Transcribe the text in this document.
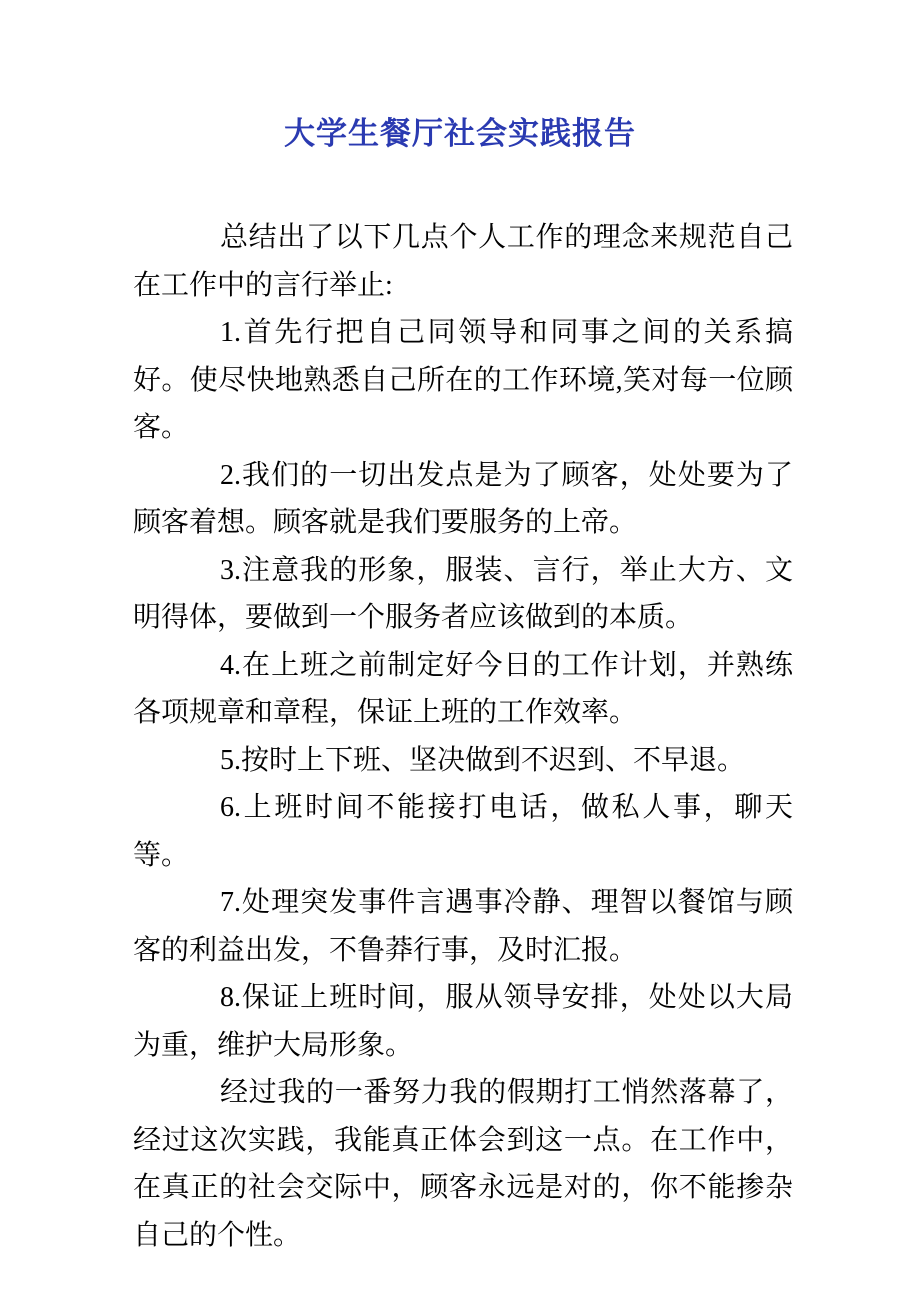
大学生餐厅社会实践报告

总结出了以下几点个人工作的理念来规范自己在工作中的言行举止:

1.首先行把自己同领导和同事之间的关系搞好。使尽快地熟悉自己所在的工作环境,笑对每一位顾客。

2.我们的一切出发点是为了顾客，处处要为了顾客着想。顾客就是我们要服务的上帝。

3.注意我的形象，服装、言行，举止大方、文明得体，要做到一个服务者应该做到的本质。

4.在上班之前制定好今日的工作计划，并熟练各项规章和章程，保证上班的工作效率。

5.按时上下班、坚决做到不迟到、不早退。

6.上班时间不能接打电话，做私人事，聊天等。

7.处理突发事件言遇事冷静、理智以餐馆与顾客的利益出发，不鲁莽行事，及时汇报。

8.保证上班时间，服从领导安排，处处以大局为重，维护大局形象。

经过我的一番努力我的假期打工悄然落幕了，经过这次实践，我能真正体会到这一点。在工作中，在真正的社会交际中，顾客永远是对的，你不能掺杂自己的个性。
